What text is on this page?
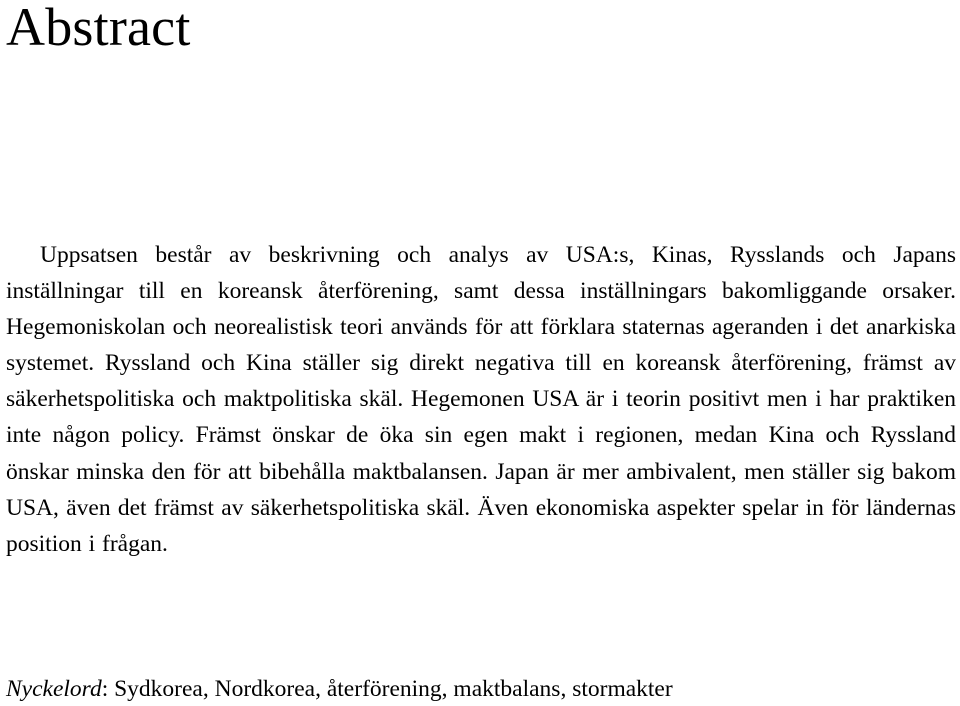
Abstract

Uppsatsen består av beskrivning och analys av USA:s, Kinas, Rysslands och Japans inställningar till en koreansk återförening, samt dessa inställningars bakomliggande orsaker. Hegemoniskolan och neorealistisk teori används för att förklara staternas ageranden i det anarkiska systemet. Ryssland och Kina ställer sig direkt negativa till en koreansk återförening, främst av säkerhetspolitiska och maktpolitiska skäl. Hegemonen USA är i teorin positivt men i har praktiken inte någon policy. Främst önskar de öka sin egen makt i regionen, medan Kina och Ryssland önskar minska den för att bibehålla maktbalansen. Japan är mer ambivalent, men ställer sig bakom USA, även det främst av säkerhetspolitiska skäl. Även ekonomiska aspekter spelar in för ländernas position i frågan.

Nyckelord: Sydkorea, Nordkorea, återförening, maktbalans, stormakter
